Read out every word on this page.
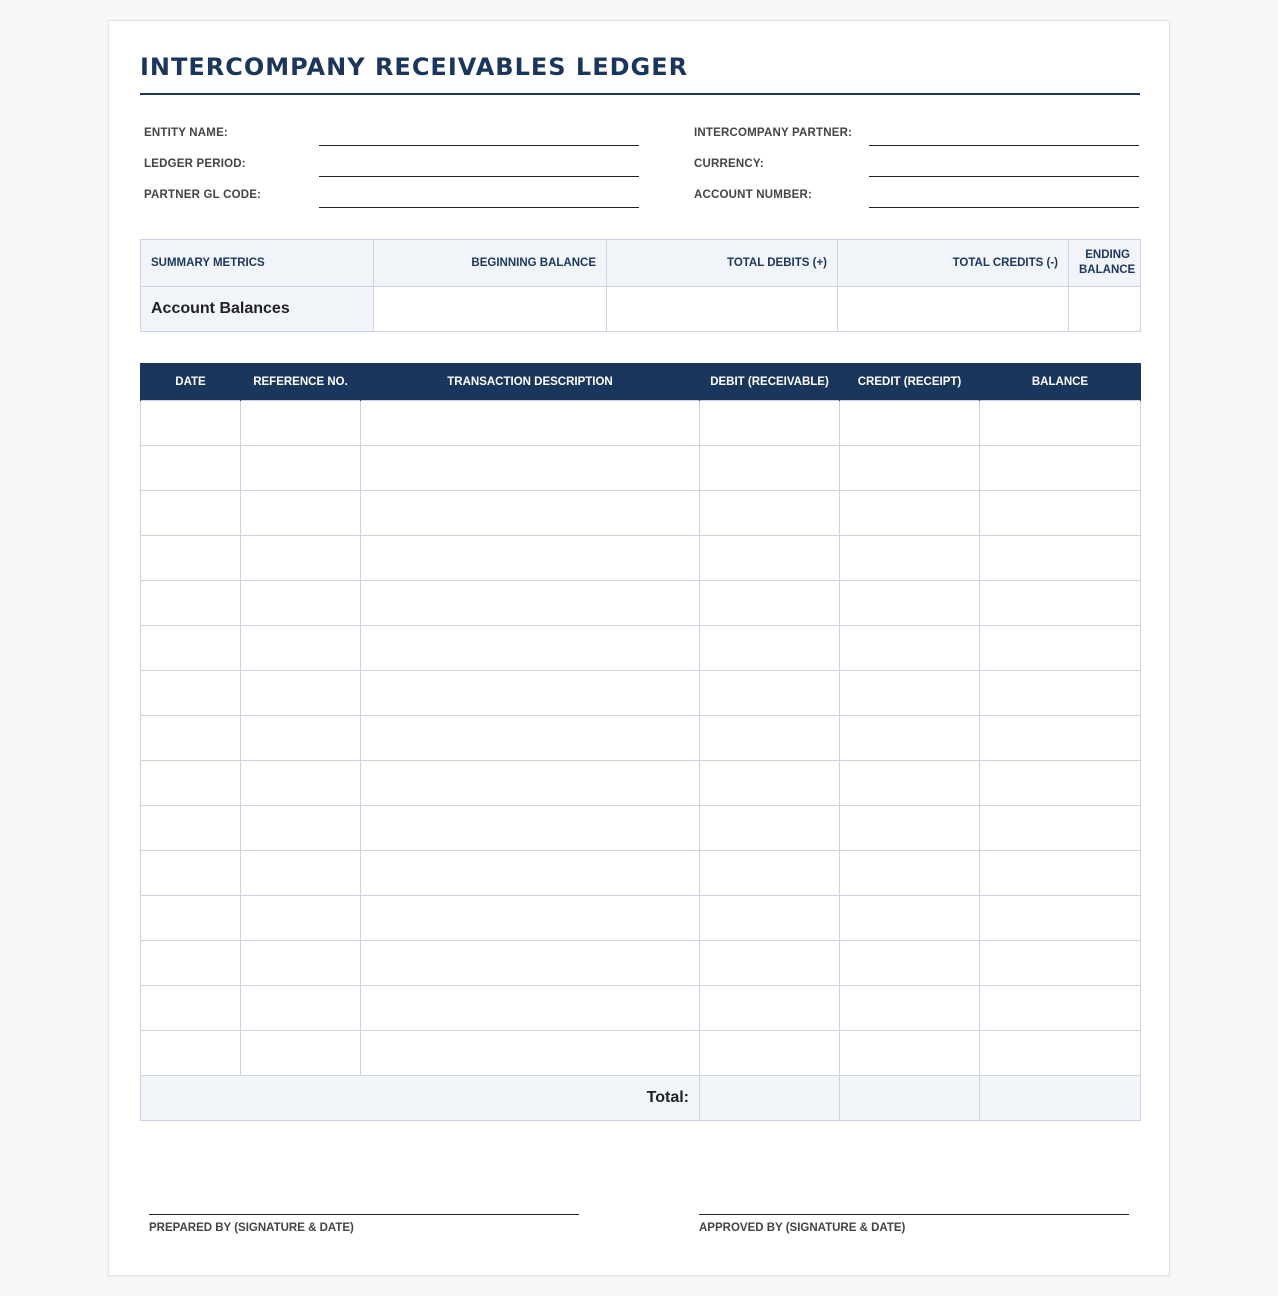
INTERCOMPANY RECEIVABLES LEDGER
ENTITY NAME:
LEDGER PERIOD:
PARTNER GL CODE:
INTERCOMPANY PARTNER:
CURRENCY:
ACCOUNT NUMBER:
SUMMARY METRICS	BEGINNING BALANCE	TOTAL DEBITS (+)	TOTAL CREDITS (-)	ENDING BALANCE
Account Balances				
DATE	REFERENCE NO.	TRANSACTION DESCRIPTION	DEBIT (RECEIVABLE)	CREDIT (RECEIPT)	BALANCE

Total:					
PREPARED BY (SIGNATURE & DATE)	APPROVED BY (SIGNATURE & DATE)
